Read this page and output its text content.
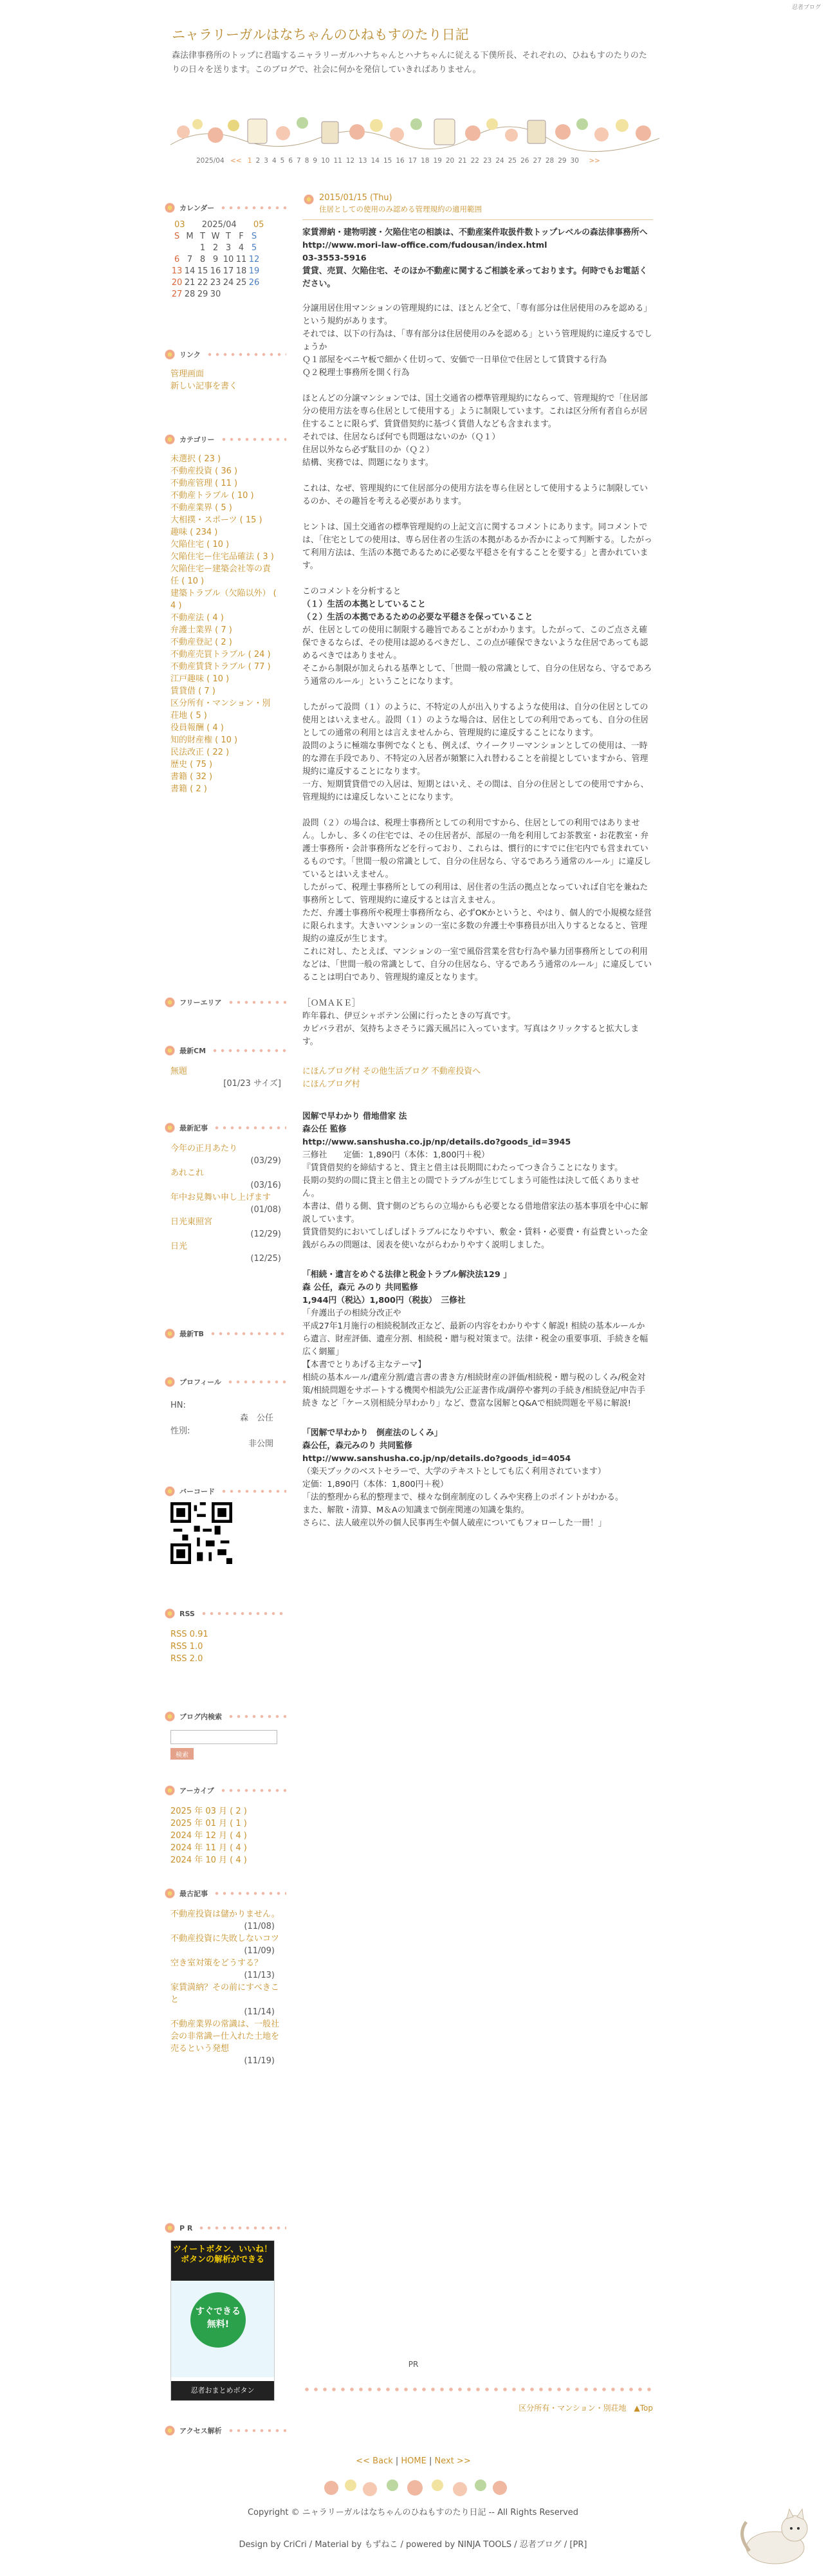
忍者ブログ
ニャラリーガルはなちゃんのひねもすのたり日記
森法律事務所のトップに君臨するニャラリーガルハナちゃんとハナちゃんに従える下僕所長、それぞれの、ひねもすのたりのたりの日々を送ります。このブログで、社会に何かを発信していきればありません。
2025/04 << 1 2 3 4 5 6 7 8 9 10 11 12 13 14 15 16 17 18 19 20 21 22 23 24 25 26 27 28 29 30 >>
カレンダー
03 2025/04 05
S	M	T	W	T	F	S
		1	2	3	4	5
6	7	8	9	10	11	12
13	14	15	16	17	18	19
20	21	22	23	24	25	26
27	28	29	30			
リンク
管理画面
新しい記事を書く
カテゴリー
未選択 ( 23 )
不動産投資 ( 36 )
不動産管理 ( 11 )
不動産トラブル ( 10 )
不動産業界 ( 5 )
大相撲・スポーツ ( 15 )
趣味 ( 234 )
欠陥住宅 ( 10 )
欠陥住宅ー住宅品確法 ( 3 )
欠陥住宅ー建築会社等の責任 ( 10 )
建築トラブル（欠陥以外） ( 4 )
不動産法 ( 4 )
弁護士業界 ( 7 )
不動産登記 ( 2 )
不動産売買トラブル ( 24 )
不動産賃貸トラブル ( 77 )
江戸趣味 ( 10 )
賃貸借 ( 7 )
区分所有・マンション・別荘地 ( 5 )
役員報酬 ( 4 )
知的財産権 ( 10 )
民法改正 ( 22 )
歴史 ( 75 )
書籍 ( 32 )
書籍 ( 2 )
フリーエリア
最新CM
無題
[01/23 サイズ]
最新記事
今年の正月あたり
(03/29)
あれこれ
(03/16)
年中お見舞い申し上げます
(01/08)
日光東照宮
(12/29)
日光
(12/25)
最新TB
プロフィール
HN:
森　公任
性別:
非公開
バーコード
RSS
RSS 0.91
RSS 1.0
RSS 2.0
ブログ内検索
検索
アーカイブ
2025 年 03 月 ( 2 )
2025 年 01 月 ( 1 )
2024 年 12 月 ( 4 )
2024 年 11 月 ( 4 )
2024 年 10 月 ( 4 )
最古記事
不動産投資は儲かりません。
(11/08)
不動産投資に失敗しないコツ
(11/09)
空き室対策をどうする？
(11/13)
家賃満納？その前にすべきこと
(11/14)
不動産業界の常識は、一般社会の非常識ー仕入れた土地を売るという発想
(11/19)
P R
ツイートボタン、いいね！ボタンの解析ができる
すぐできる 無料!
忍者おまとめボタン
アクセス解析
2015/01/15 (Thu)
住居としての使用のみ認める管理規約の適用範囲
家賃滞納・建物明渡・欠陥住宅の相談は、不動産案件取扱件数トップレベルの森法律事務所へ
http://www.mori-law-office.com/fudousan/index.html
03-3553-5916
賃貸、売買、欠陥住宅、そのほか不動産に関するご相談を承っております。何時でもお電話ください。
分譲用居住用マンションの管理規約には、ほとんど全て、「専有部分は住居使用のみを認める」という規約があります。
それでは、以下の行為は、「専有部分は住居使用のみを認める」という管理規約に違反するでしょうか
Ｑ１部屋をベニヤ板で細かく仕切って、安価で一日単位で住居として賃貸する行為
Ｑ２税理士事務所を開く行為
ほとんどの分譲マンションでは、国土交通省の標準管理規約にならって、管理規約で「住居部分の使用方法を専ら住居として使用する」ように制限しています。これは区分所有者自らが居住することに限らず、賃貸借契約に基づく賃借人なども含まれます。
それでは、住居ならば何でも問題はないのか（Ｑ１）
住居以外なら必ず駄目のか（Ｑ２）
結構、実務では、問題になります。
これは、なぜ、管理規約にて住居部分の使用方法を専ら住居として使用するように制限しているのか、その趣旨を考える必要があります。
ヒントは、国土交通省の標準管理規約の上記文言に関するコメントにあります。同コメントでは、「住宅としての使用は、専ら居住者の生活の本拠があるか否かによって判断する。したがって利用方法は、生活の本拠であるために必要な平穏さを有することを要する」と書かれています。
このコメントを分析すると
（１）生活の本拠としていること
（２）生活の本拠であるための必要な平穏さを保っていること
が、住居としての使用に制限する趣旨であることがわかります。したがって、このご点さえ確保できるならば、その使用は認めるべきだし、この点が確保できないような住居であっても認めるべきではありません。
そこから制限が加えられる基準として、「世間一般の常識として、自分の住居なら、守るであろう通常のルール」ということになります。
したがって設問（１）のように、不特定の人が出入りするような使用は、自分の住居としての使用とはいえません。設問（１）のような場合は、居住としての利用であっても、自分の住居としての通常の利用とは言えませんから、管理規約に違反することになります。
設問のように極端な事例でなくとも、例えば、ウイークリーマンションとしての使用は、一時的な滞在手段であり、不特定の入居者が頻繁に入れ替わることを前提としていますから、管理規約に違反することになります。
一方、短期賃貸借での入居は、短期とはいえ、その間は、自分の住居としての使用ですから、管理規約には違反しないことになります。
設問（２）の場合は、税理士事務所としての利用ですから、住居としての利用ではありません。しかし、多くの住宅では、その住居者が、部屋の一角を利用してお茶教室・お花教室・弁護士事務所・会計事務所などを行っており、これらは、慣行的にすでに住宅内でも営まれているものです。「世間一般の常識として、自分の住居なら、守るであろう通常のルール」に違反しているとはいえません。
したがって、税理士事務所としての利用は、居住者の生活の拠点となっていれば自宅を兼ねた事務所として、管理規約に違反するとは言えません。
ただ、弁護士事務所や税理士事務所なら、必ずOKかというと、やはり、個人的で小規模な経営に限られます。大きいマンションの一室に多数の弁護士や事務員が出入りするとなると、管理規約の違反が生じます。
これに対し、たとえば、マンションの一室で風俗営業を営む行為や暴力団事務所としての利用などは、「世間一般の常識として、自分の住居なら、守るであろう通常のルール」に違反していることは明白であり、管理規約違反となります。
［ＯＭＡＫＥ］
昨年暮れ、伊豆シャボテン公園に行ったときの写真です。
カピバラ君が、気持ちよさそうに露天風呂に入っています。写真はクリックすると拡大します。
にほんブログ村 その他生活ブログ 不動産投資へ
にほんブログ村
図解で早わかり 借地借家 法
森公任 監修
http://www.sanshusha.co.jp/np/details.do?goods_id=3945
三修社　　定価：1,890円（本体：1,800円＋税）
『賃貸借契約を締結すると、貸主と借主は長期間にわたってつき合うことになります。
長期の契約の間に貸主と借主との間でトラブルが生じてしまう可能性は決して低くありません。
本書は、借りる側、貸す側のどちらの立場からも必要となる借地借家法の基本事項を中心に解説しています。
賃貸借契約においてしばしばトラブルになりやすい、敷金・賃料・必要費・有益費といった金銭がらみの問題は、図表を使いながらわかりやすく説明しました。
「相続・遺言をめぐる法律と税金トラブル解決法129 」
森 公任，森元 みのり 共同監修
1,944円（税込）1,800円（税抜）　三修社
「弁護出子の相続分改正や
平成27年1月施行の相続税制改正など、最新の内容をわかりやすく解説! 相続の基本ルールから遺言、財産評価、遺産分割、相続税・贈与税対策まで。法律・税金の重要事項、手続きを幅広く網羅」
【本書でとりあげる主なテーマ】
相続の基本ルール/遺産分割/遺言書の書き方/相続財産の評価/相続税・贈与税のしくみ/税金対策/相続問題をサポートする機関や相談先/公正証書作成/調停や審判の手続き/相続登記/申告手続き など「ケース別相続分早わかり」など、豊富な図解とQ&Aで相続問題を平易に解説!
「図解で早わかり　倒産法のしくみ」
森公任，森元みのり 共同監修
http://www.sanshusha.co.jp/np/details.do?goods_id=4054
（楽天ブックのベストセラーで、大学のテキストとしても広く利用されています）
定価：1,890円（本体：1,800円＋税）
「法的整理から私的整理まで、様々な倒産制度のしくみや実務上のポイントがわかる。
また、解散・清算、M＆Aの知識まで倒産関連の知識を集約。
さらに、法人破産以外の個人民事再生や個人破産についてもフォローした一冊！」
PR
区分所有・マンション・別荘地 ▲Top
<< Back | HOME | Next >>
Copyright © ニャラリーガルはなちゃんのひねもすのたり日記 -- All Rights Reserved
Design by CriCri / Material by もずねこ / powered by NINJA TOOLS / 忍者ブログ / [PR]
